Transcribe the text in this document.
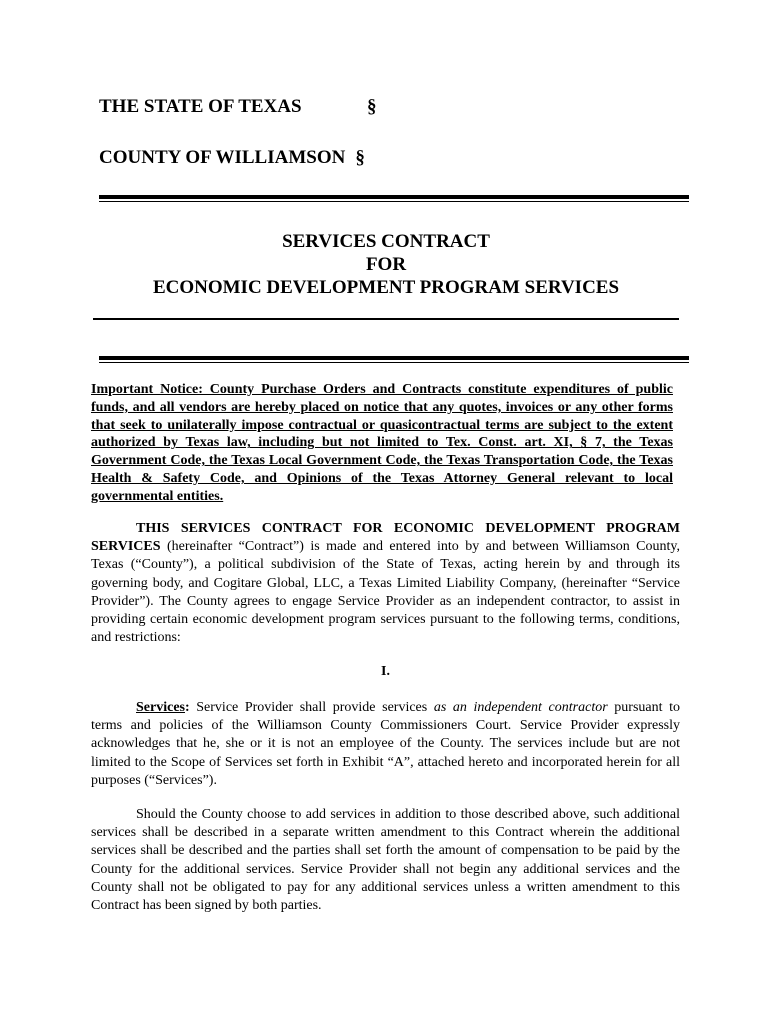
THE STATE OF TEXAS	§
COUNTY OF WILLIAMSON §
SERVICES CONTRACT
FOR
ECONOMIC DEVELOPMENT PROGRAM SERVICES
Important Notice: County Purchase Orders and Contracts constitute expenditures of public funds, and all vendors are hereby placed on notice that any quotes, invoices or any other forms that seek to unilaterally impose contractual or quasicontractual terms are subject to the extent authorized by Texas law, including but not limited to Tex. Const. art. XI, § 7, the Texas Government Code, the Texas Local Government Code, the Texas Transportation Code, the Texas Health & Safety Code, and Opinions of the Texas Attorney General relevant to local governmental entities.
THIS SERVICES CONTRACT FOR ECONOMIC DEVELOPMENT PROGRAM SERVICES (hereinafter “Contract”) is made and entered into by and between Williamson County, Texas (“County”), a political subdivision of the State of Texas, acting herein by and through its governing body, and Cogitare Global, LLC, a Texas Limited Liability Company, (hereinafter “Service Provider”). The County agrees to engage Service Provider as an independent contractor, to assist in providing certain economic development program services pursuant to the following terms, conditions, and restrictions:
I.
Services: Service Provider shall provide services as an independent contractor pursuant to terms and policies of the Williamson County Commissioners Court. Service Provider expressly acknowledges that he, she or it is not an employee of the County. The services include but are not limited to the Scope of Services set forth in Exhibit “A”, attached hereto and incorporated herein for all purposes (“Services”).
Should the County choose to add services in addition to those described above, such additional services shall be described in a separate written amendment to this Contract wherein the additional services shall be described and the parties shall set forth the amount of compensation to be paid by the County for the additional services. Service Provider shall not begin any additional services and the County shall not be obligated to pay for any additional services unless a written amendment to this Contract has been signed by both parties.
